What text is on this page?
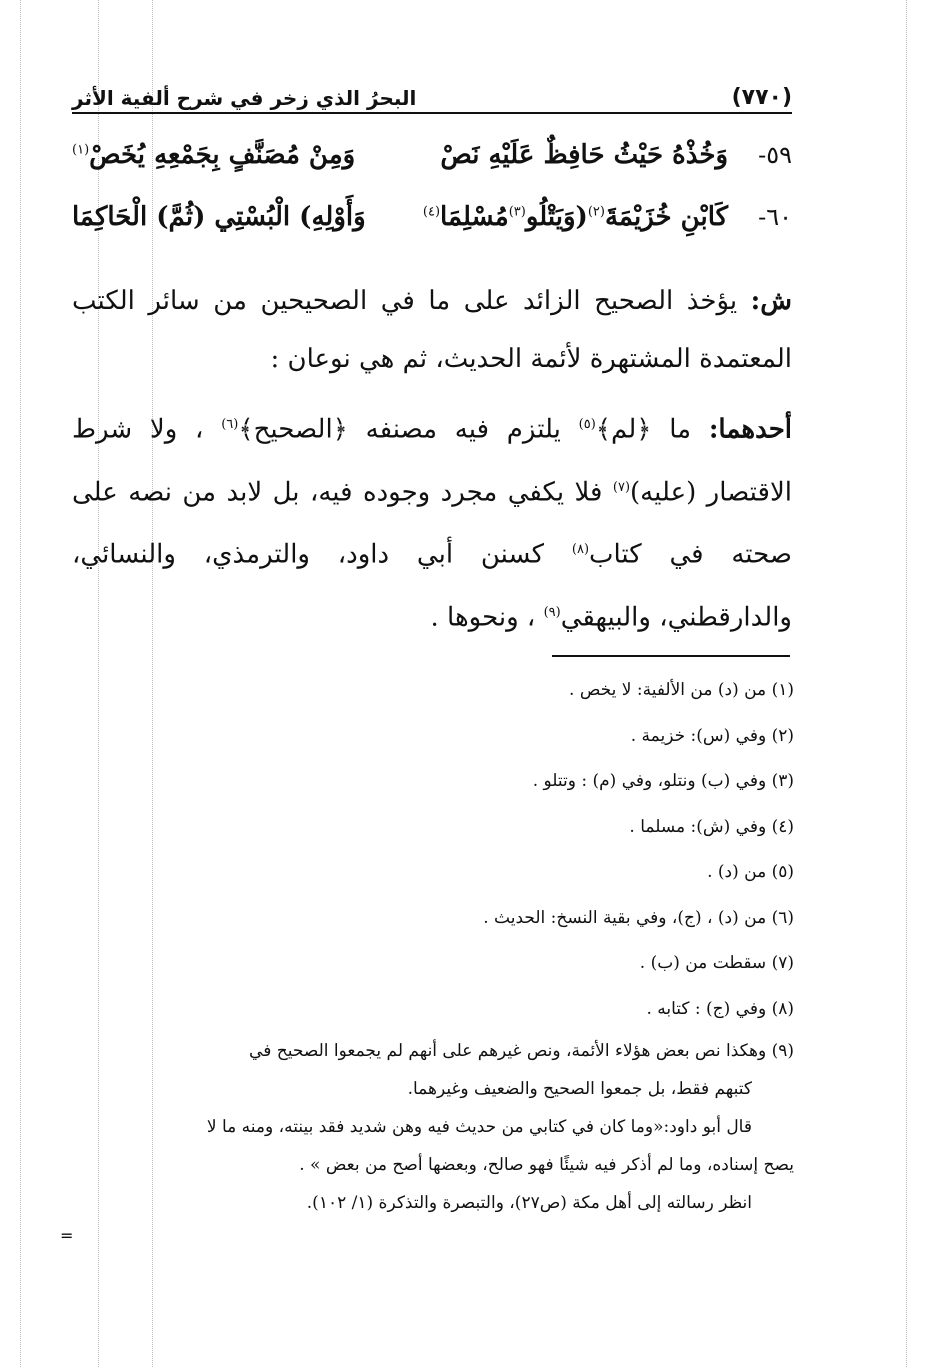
(٧٧٠)
البحرُ الذي زخر في شرح ألفية الأثر
٥٩-
وَخُذْهُ حَيْثُ حَافِظٌ عَلَيْهِ نَصْ
وَمِنْ مُصَنَّفٍ بِجَمْعِهِ يُخَصْ$^{(١)}$
٦٠-
كَابْنِ خُزَيْمَةَ$^{(٢)}$(وَيَتْلُو$^{(٣)}$مُسْلِمَا$^{(٤)}$
وَأَوْلِهِ) الْبُسْتِي (ثُمَّ) الْحَاكِمَا
ش: يؤخذ الصحيح الزائد على ما في الصحيحين من سائر الكتب المعتمدة المشتهرة لأئمة الحديث، ثم هي نوعان :
أحدهما: ما ﴿لم﴾$^{(٥)}$ يلتزم فيه مصنفه ﴿الصحيح﴾$^{(٦)}$ ، ولا شرط الاقتصار (عليه)$^{(٧)}$ فلا يكفي مجرد وجوده فيه، بل لابد من نصه على صحته في كتاب$^{(٨)}$ كسنن أبي داود، والترمذي، والنسائي، والدارقطني، والبيهقي$^{(٩)}$ ، ونحوها .
(١) من (د) من الألفية: لا يخص .
(٢) وفي (س): خزيمة .
(٣) وفي (ب) ونتلو، وفي (م) : وتتلو .
(٤) وفي (ش): مسلما .
(٥) من (د) .
(٦) من (د) ، (ج)، وفي بقية النسخ: الحديث .
(٧) سقطت من (ب) .
(٨) وفي (ج) : كتابه .
(٩) وهكذا نص بعض هؤلاء الأئمة، ونص غيرهم على أنهم لم يجمعوا الصحيح في
كتبهم فقط، بل جمعوا الصحيح والضعيف وغيرهما.
قال أبو داود:«وما كان في كتابي من حديث فيه وهن شديد فقد بينته، ومنه ما لا
يصح إسناده، وما لم أذكر فيه شيئًا فهو صالح، وبعضها أصح من بعض » .
انظر رسالته إلى أهل مكة (ص٢٧)، والتبصرة والتذكرة (١/ ١٠٢).
=
